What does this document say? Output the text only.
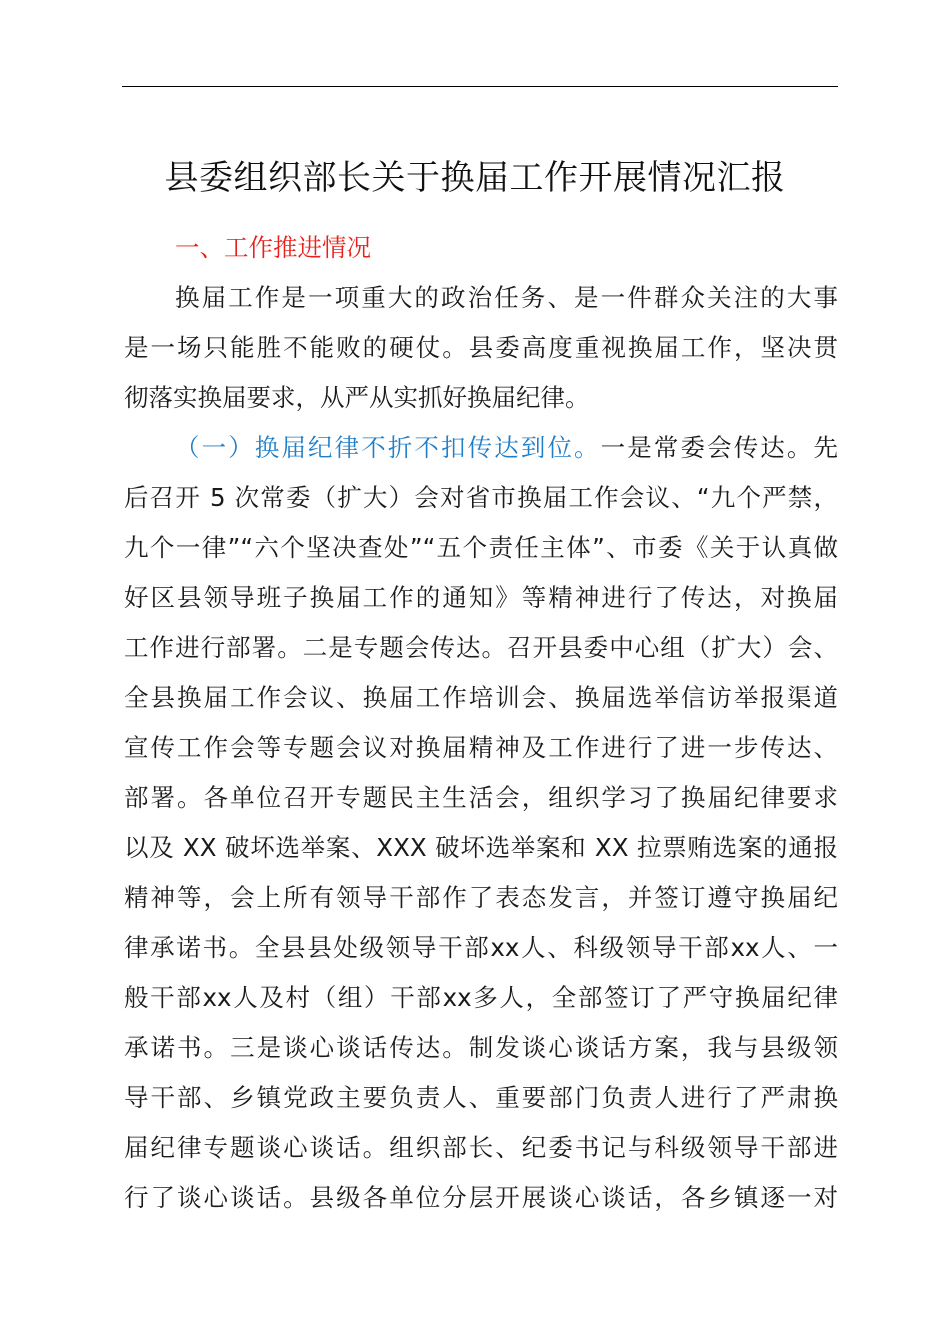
县委组织部长关于换届工作开展情况汇报
一、工作推进情况
换届工作是一项重大的政治任务、是一件群众关注的大事
是一场只能胜不能败的硬仗。县委高度重视换届工作，坚决贯
彻落实换届要求，从严从实抓好换届纪律。
（一）换届纪律不折不扣传达到位。一是常委会传达。先
后召开 5 次常委（扩大）会对省市换届工作会议、“九个严禁，
九个一律”“六个坚决查处”“五个责任主体”、市委《关于认真做
好区县领导班子换届工作的通知》等精神进行了传达，对换届
工作进行部署。二是专题会传达。召开县委中心组（扩大）会、
全县换届工作会议、换届工作培训会、换届选举信访举报渠道
宣传工作会等专题会议对换届精神及工作进行了进一步传达、
部署。各单位召开专题民主生活会，组织学习了换届纪律要求
以及 XX 破坏选举案、XXX 破坏选举案和 XX 拉票贿选案的通报
精神等，会上所有领导干部作了表态发言，并签订遵守换届纪
律承诺书。全县县处级领导干部xx人、科级领导干部xx人、一
般干部xx人及村（组）干部xx多人，全部签订了严守换届纪律
承诺书。三是谈心谈话传达。制发谈心谈话方案，我与县级领
导干部、乡镇党政主要负责人、重要部门负责人进行了严肃换
届纪律专题谈心谈话。组织部长、纪委书记与科级领导干部进
行了谈心谈话。县级各单位分层开展谈心谈话，各乡镇逐一对
